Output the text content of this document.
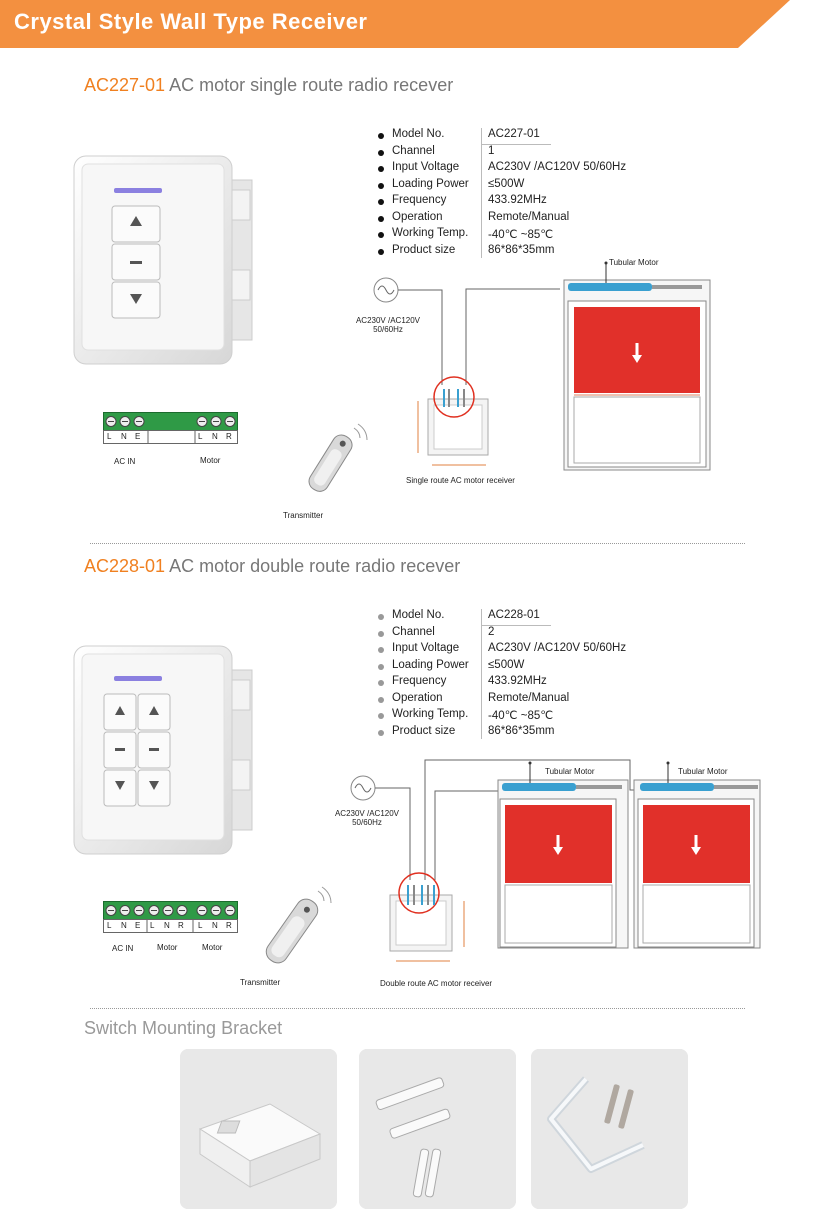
Crystal Style Wall Type Receiver
AC227-01 AC motor single route radio recever
Model No.	AC227-01
Channel	1
Input Voltage	AC230V /AC120V 50/60Hz
Loading Power ≤500W
Frequency	433.92MHz
Operation	Remote/Manual
Working Temp. -40℃ ~85℃
Product size	86*86*35mm
L N E	L N R
AC IN	Motor
Transmitter
AC230V /AC120V
50/60Hz
Tubular Motor
Single route AC motor receiver
AC228-01 AC motor double route radio recever
Model No.	AC228-01
Channel	2
Input Voltage	AC230V /AC120V 50/60Hz
Loading Power ≤500W
Frequency	433.92MHz
Operation	Remote/Manual
Working Temp. -40℃ ~85℃
Product size	86*86*35mm
L N E L N R L N R
AC IN	Motor	Motor
Transmitter
AC230V /AC120V
50/60Hz
Tubular Motor	Tubular Motor
Double route AC motor receiver
Switch Mounting Bracket
